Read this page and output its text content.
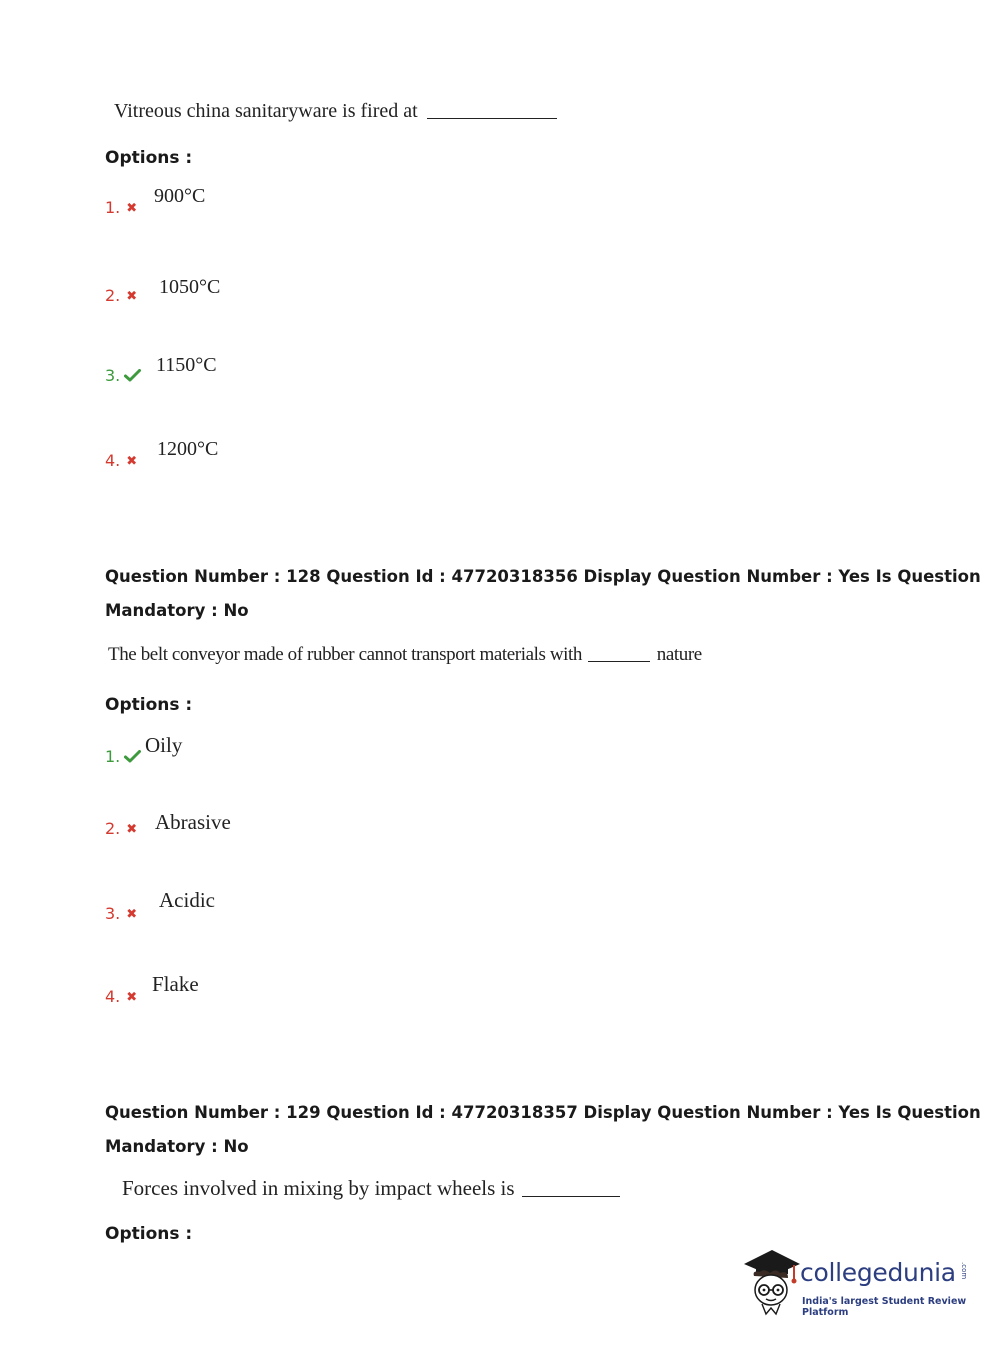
Vitreous china sanitaryware is fired at
Options :
1. ✖
900°C
2. ✖ 1050°C
3.	1150°C
4. ✖
1200°C
Question Number : 128 Question Id : 47720318356 Display Question Number : Yes Is Question
Mandatory : No
The belt conveyor made of rubber cannot transport materials with	nature
Options :
1.	Oily
2. ✖ Abrasive
3. ✖
Acidic
4. ✖
Flake
Question Number : 129 Question Id : 47720318357 Display Question Number : Yes Is Question
Mandatory : No
Forces involved in mixing by impact wheels is
Options :
collegedunia .com
India's largest Student Review Platform
